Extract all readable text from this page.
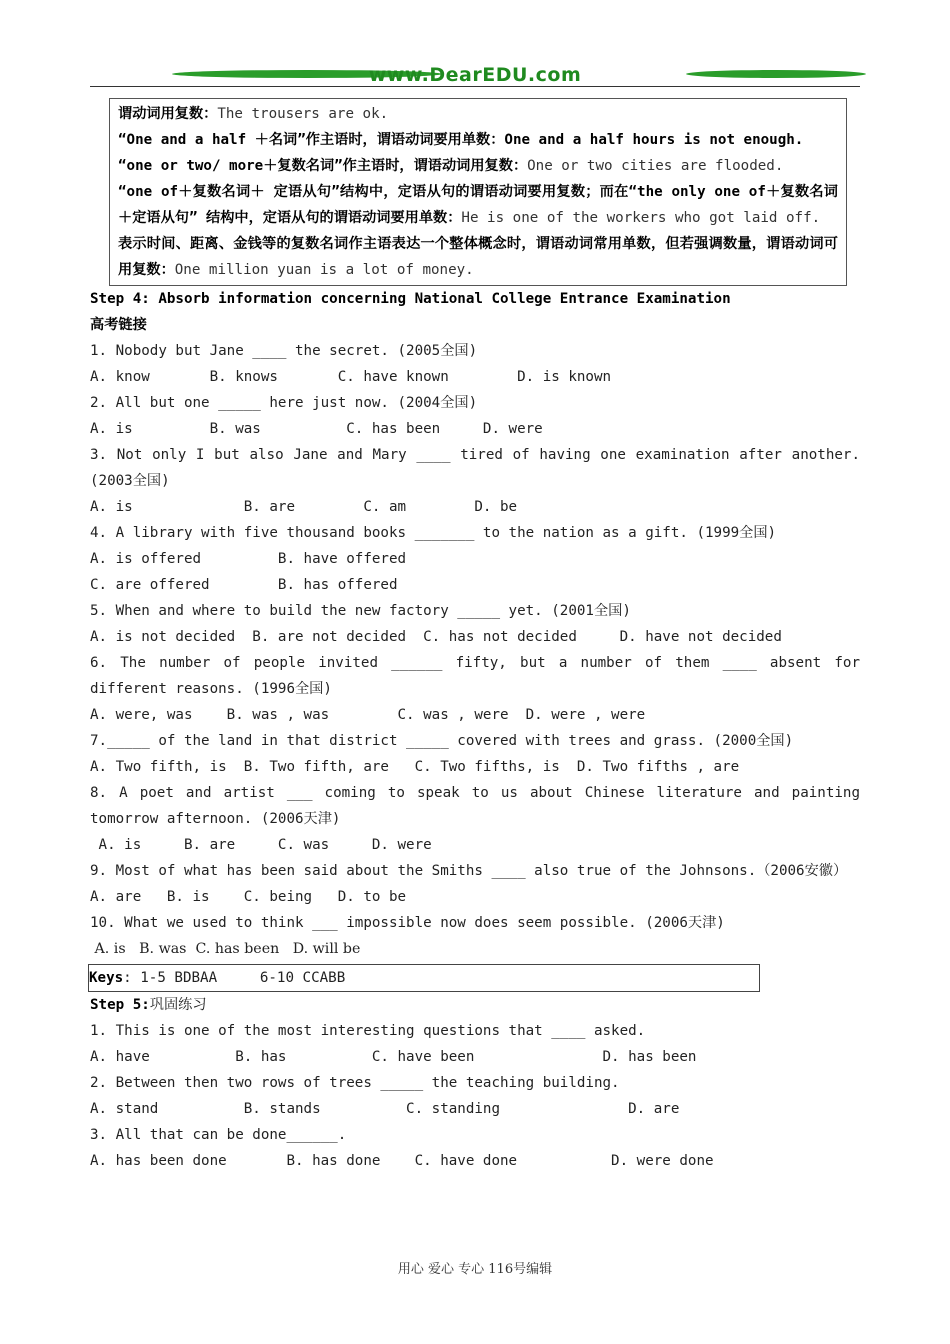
www.DearEDU.com

谓动词用复数：The trousers are ok.

“One and a half ＋名词”作主语时，谓语动词要用单数：One and a half hours is not enough.

“one or two/ more＋复数名词”作主语时，谓语动词用复数：One or two cities are flooded.

“one of＋复数名词＋ 定语从句”结构中，定语从句的谓语动词要用复数；而在“the only one of＋复数名词＋定语从句” 结构中，定语从句的谓语动词要用单数：He is one of the workers who got laid off.

表示时间、距离、金钱等的复数名词作主语表达一个整体概念时，谓语动词常用单数，但若强调数量，谓语动词可用复数：One million yuan is a lot of money.

Step 4: Absorb information concerning National College Entrance Examination

高考链接

1. Nobody but Jane ____ the secret. (2005全国)

A. know       B. knows       C. have known        D. is known

2. All but one _____ here just now. (2004全国)

A. is         B. was          C. has been     D. were

3. Not only I but also Jane and Mary ____ tired of having one examination after another. (2003全国)

A. is             B. are        C. am        D. be

4. A library with five thousand books _______ to the nation as a gift. (1999全国)

A. is offered         B. have offered

C. are offered        B. has offered

5. When and where to build the new factory _____ yet. (2001全国)

A. is not decided  B. are not decided  C. has not decided     D. have not decided

6. The number of people invited ______ fifty, but a number of them ____ absent for different reasons. (1996全国)

A. were, was    B. was , was        C. was , were  D. were , were

7._____ of the land in that district _____ covered with trees and grass. (2000全国)

A. Two fifth, is  B. Two fifth, are   C. Two fifths, is  D. Two fifths , are

8. A poet and artist ___ coming to speak to us about Chinese literature and painting tomorrow afternoon. (2006天津)

A. is     B. are     C. was     D. were

9. Most of what has been said about the Smiths ____ also true of the Johnsons.（2006安徽）

A. are   B. is    C. being   D. to be

10. What we used to think ___ impossible now does seem possible. (2006天津)

A. is   B. was  C. has been   D. will be

Keys: 1-5 BDBAA     6-10 CCABB

Step 5:巩固练习

1. This is one of the most interesting questions that ____ asked.

A. have          B. has          C. have been               D. has been

2. Between then two rows of trees _____ the teaching building.

A. stand          B. stands          C. standing               D. are

3. All that can be done______.

A. has been done       B. has done    C. have done           D. were done

用心 爱心 专心 116号编辑
